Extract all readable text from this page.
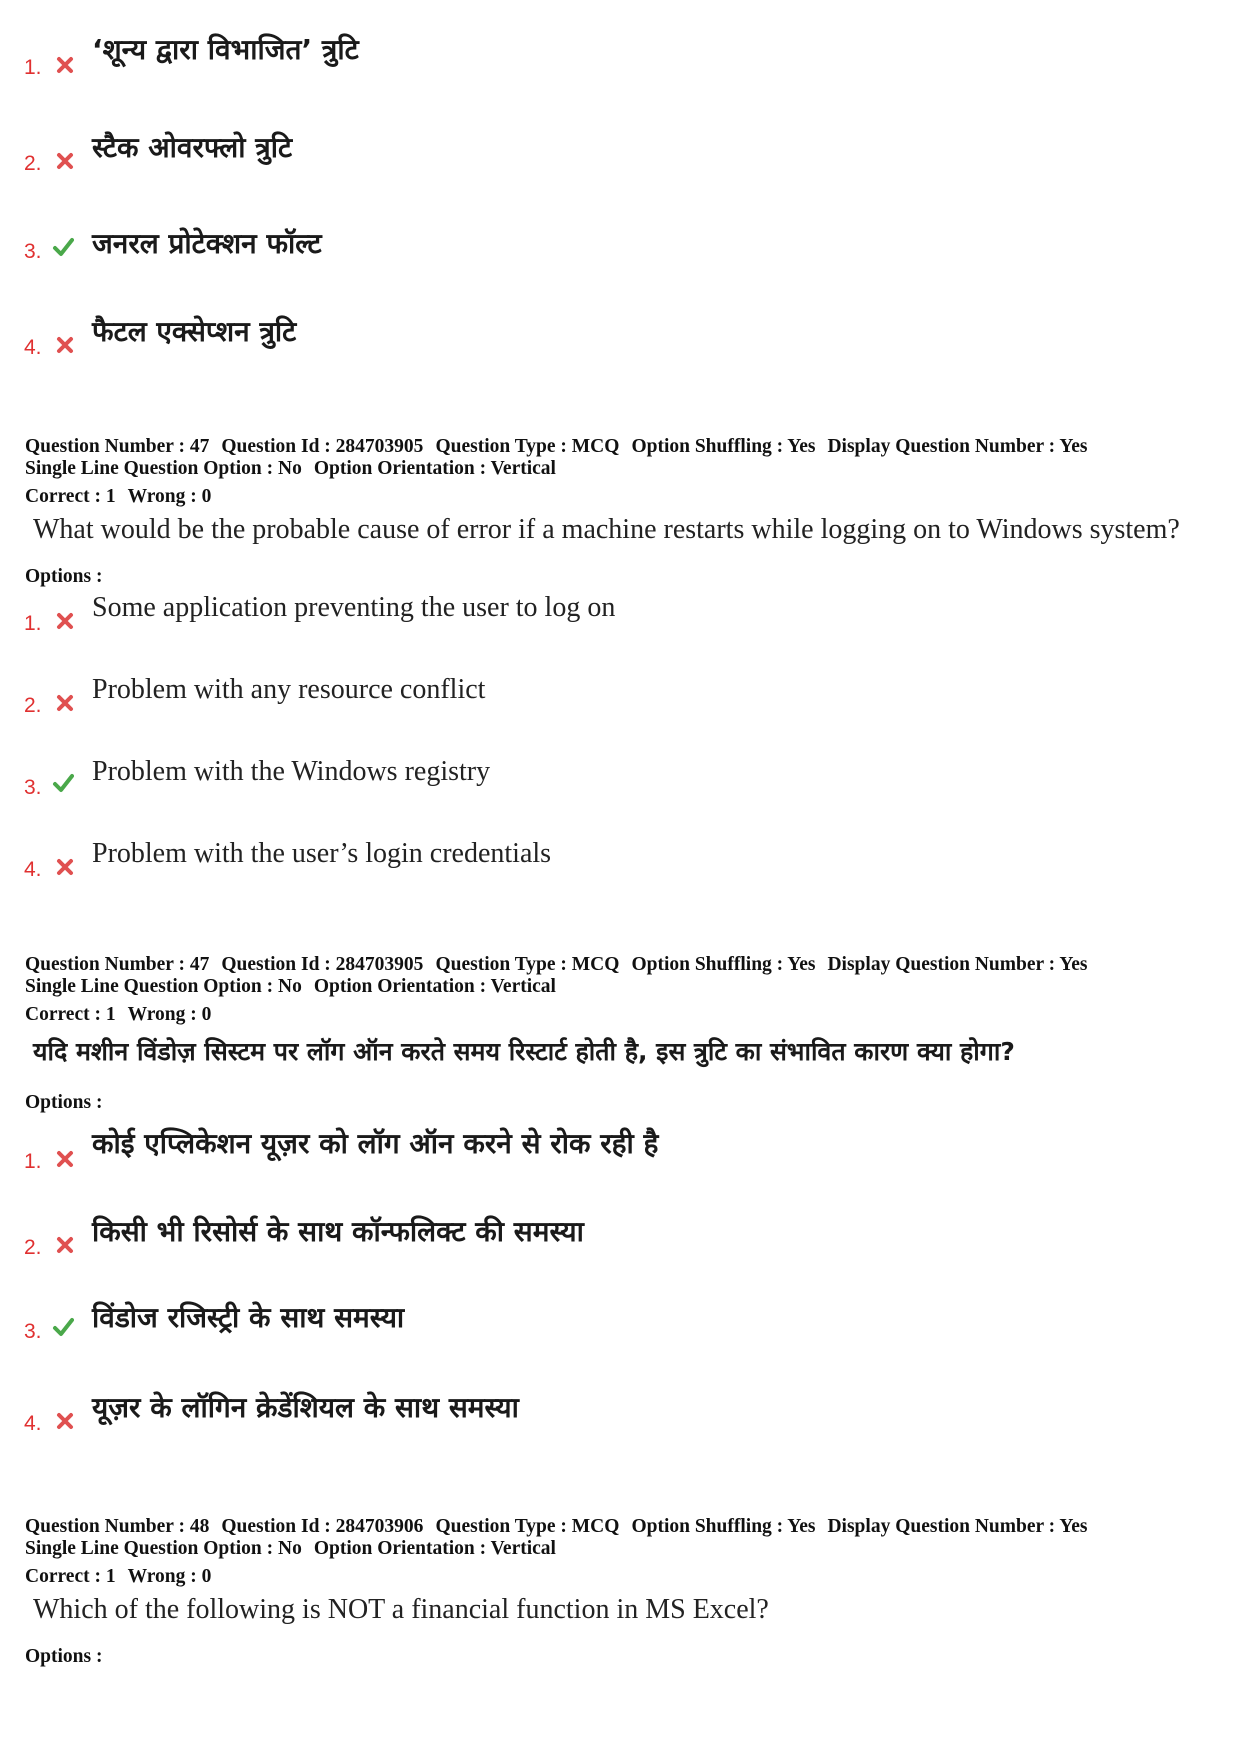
1.
‘शून्य द्वारा विभाजित’ त्रुटि
2. स्टैक ओवरफ्लो त्रुटि
3. जनरल प्रोटेक्शन फॉल्ट
4. फैटल एक्सेप्शन त्रुटि
Question Number : 47 Question Id : 284703905 Question Type : MCQ Option Shuffling : Yes Display Question Number : Yes
Single Line Question Option : No Option Orientation : Vertical
Correct : 1 Wrong : 0
What would be the probable cause of error if a machine restarts while logging on to Windows system?
Options :
1.
Some application preventing the user to log on
2.
Problem with any resource conflict
3.
Problem with the Windows registry
4.
Problem with the user’s login credentials
Question Number : 47 Question Id : 284703905 Question Type : MCQ Option Shuffling : Yes Display Question Number : Yes
Single Line Question Option : No Option Orientation : Vertical
Correct : 1 Wrong : 0
यदि मशीन विंडोज़ सिस्टम पर लॉग ऑन करते समय रिस्टार्ट होती है, इस त्रुटि का संभावित कारण क्या होगा?
Options :
1.
कोई एप्लिकेशन यूज़र को लॉग ऑन करने से रोक रही है
2. किसी भी रिसोर्स के साथ कॉन्फलिक्ट की समस्या
3. विंडोज रजिस्ट्री के साथ समस्या
4. यूज़र के लॉगिन क्रेडेंशियल के साथ समस्या
Question Number : 48 Question Id : 284703906 Question Type : MCQ Option Shuffling : Yes Display Question Number : Yes
Single Line Question Option : No Option Orientation : Vertical
Correct : 1 Wrong : 0
Which of the following is NOT a financial function in MS Excel?
Options :
